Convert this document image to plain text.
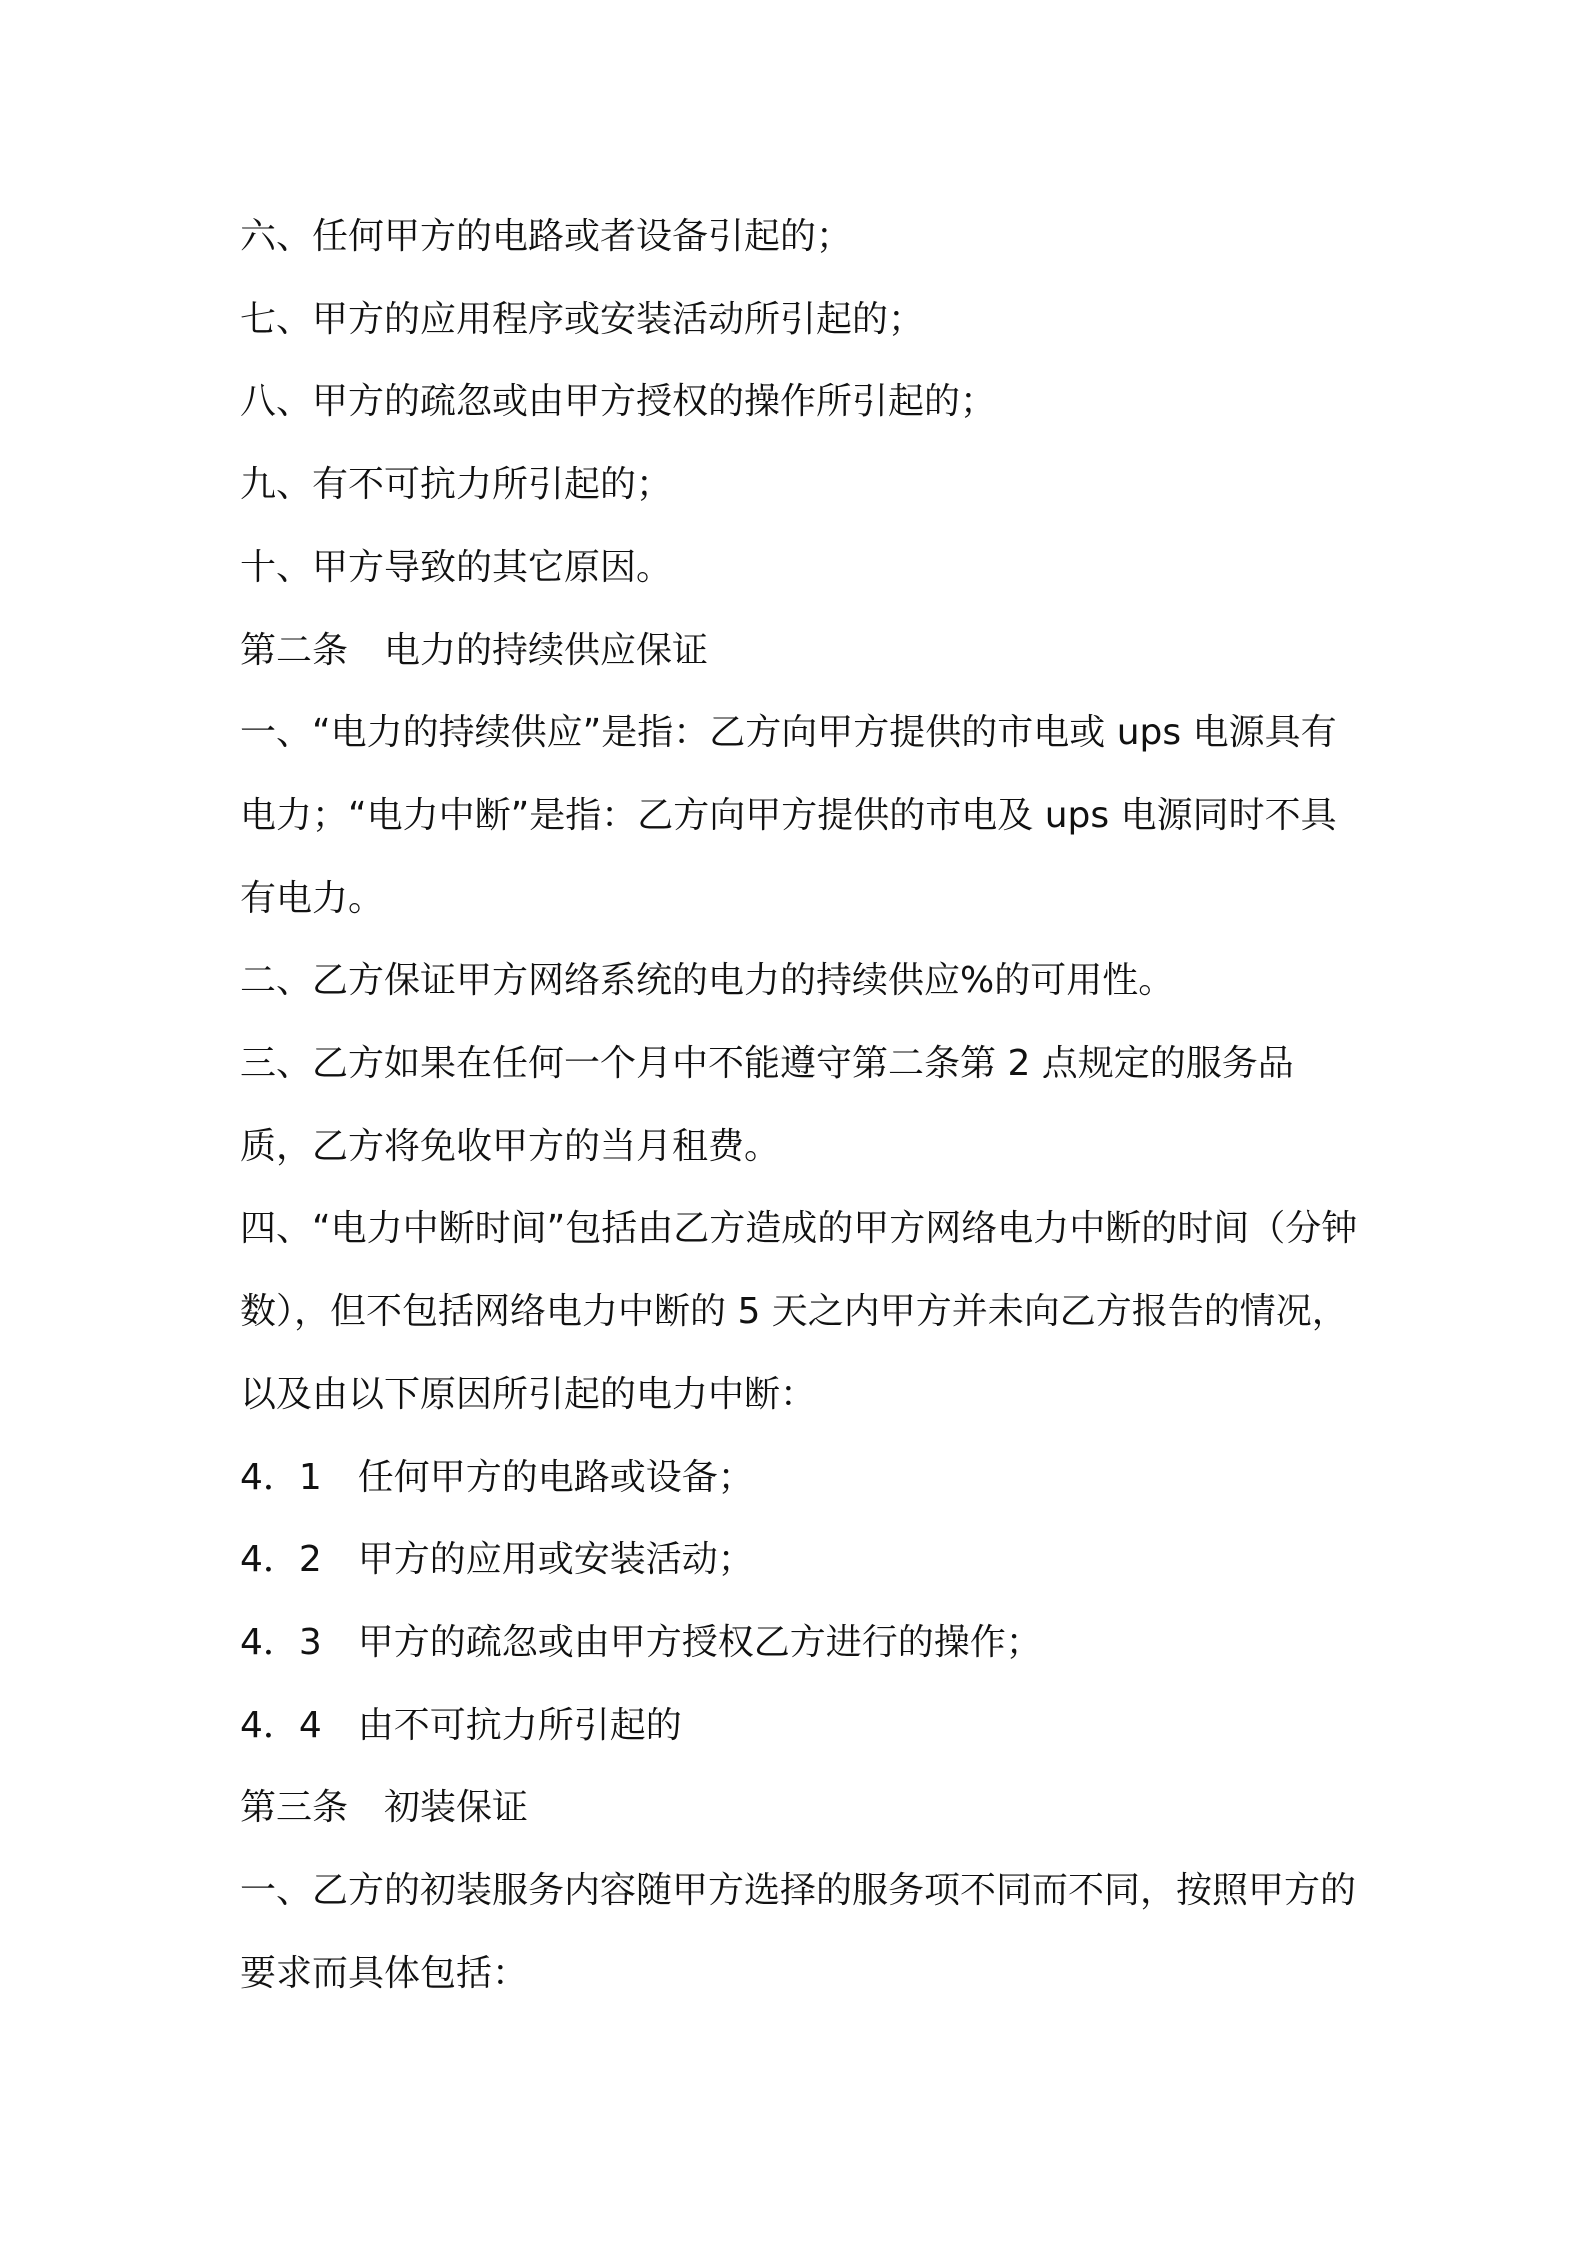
六、任何甲方的电路或者设备引起的；

七、甲方的应用程序或安装活动所引起的；

八、甲方的疏忽或由甲方授权的操作所引起的；

九、有不可抗力所引起的；

十、甲方导致的其它原因。

第二条　电力的持续供应保证

一、“电力的持续供应”是指：乙方向甲方提供的市电或 ups 电源具有电力；“电力中断”是指：乙方向甲方提供的市电及 ups 电源同时不具有电力。

二、乙方保证甲方网络系统的电力的持续供应%的可用性。

三、乙方如果在任何一个月中不能遵守第二条第 2 点规定的服务品质，乙方将免收甲方的当月租费。

四、“电力中断时间”包括由乙方造成的甲方网络电力中断的时间（分钟数），但不包括网络电力中断的 5 天之内甲方并未向乙方报告的情况，以及由以下原因所引起的电力中断：

4．1　任何甲方的电路或设备；

4．2　甲方的应用或安装活动；

4．3　甲方的疏忽或由甲方授权乙方进行的操作；

4．4　由不可抗力所引起的

第三条　初装保证

一、乙方的初装服务内容随甲方选择的服务项不同而不同，按照甲方的要求而具体包括：
